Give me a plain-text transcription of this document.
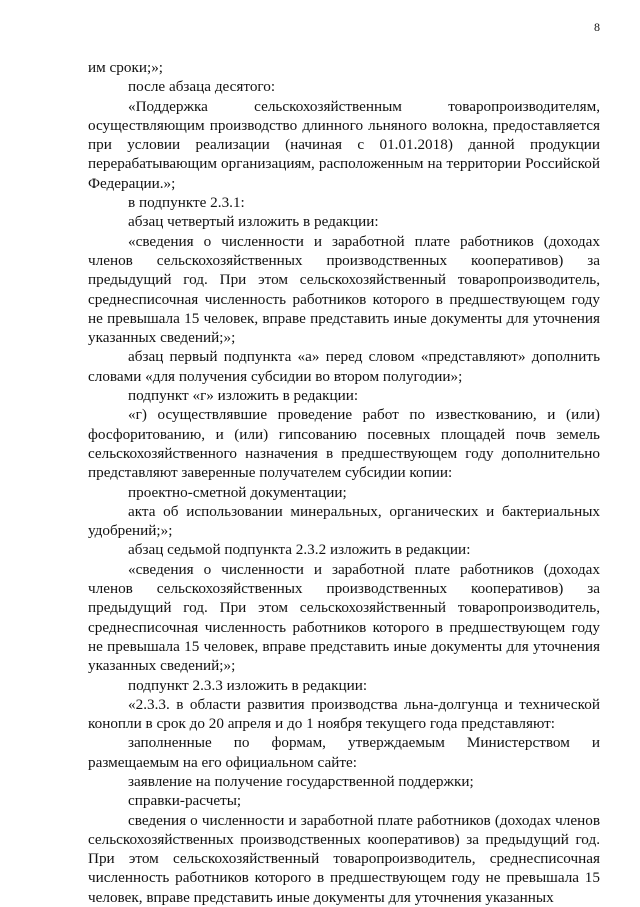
8

им сроки;»;

после абзаца десятого:

«Поддержка сельскохозяйственным товаропроизводителям, осуществляющим производство длинного льняного волокна, предоставляется при условии реализации (начиная с 01.01.2018) данной продукции перерабатывающим организациям, расположенным на территории Российской Федерации.»;

в подпункте 2.3.1:

абзац четвертый изложить в редакции:

«сведения о численности и заработной плате работников (доходах членов сельскохозяйственных производственных кооперативов) за предыдущий год. При этом сельскохозяйственный товаропроизводитель, среднесписочная численность работников которого в предшествующем году не превышала 15 человек, вправе представить иные документы для уточнения указанных сведений;»;

абзац первый подпункта «а» перед словом «представляют» дополнить словами «для получения субсидии во втором полугодии»;

подпункт «г» изложить в редакции:

«г) осуществлявшие проведение работ по известкованию, и (или) фосфоритованию, и (или) гипсованию посевных площадей почв земель сельскохозяйственного назначения в предшествующем году дополнительно представляют заверенные получателем субсидии копии:

проектно-сметной документации;

акта об использовании минеральных, органических и бактериальных удобрений;»;

абзац седьмой подпункта 2.3.2 изложить в редакции:

«сведения о численности и заработной плате работников (доходах членов сельскохозяйственных производственных кооперативов) за предыдущий год. При этом сельскохозяйственный товаропроизводитель, среднесписочная численность работников которого в предшествующем году не превышала 15 человек, вправе представить иные документы для уточнения указанных сведений;»;

подпункт 2.3.3 изложить в редакции:

«2.3.3. в области развития производства льна-долгунца и технической конопли в срок до 20 апреля и до 1 ноября текущего года представляют:

заполненные по формам, утверждаемым Министерством и размещаемым на его официальном сайте:

заявление на получение государственной поддержки;

справки-расчеты;

сведения о численности и заработной плате работников (доходах членов сельскохозяйственных производственных кооперативов) за предыдущий год. При этом сельскохозяйственный товаропроизводитель, среднесписочная численность работников которого в предшествующем году не превышала 15 человек, вправе представить иные документы для уточнения указанных
